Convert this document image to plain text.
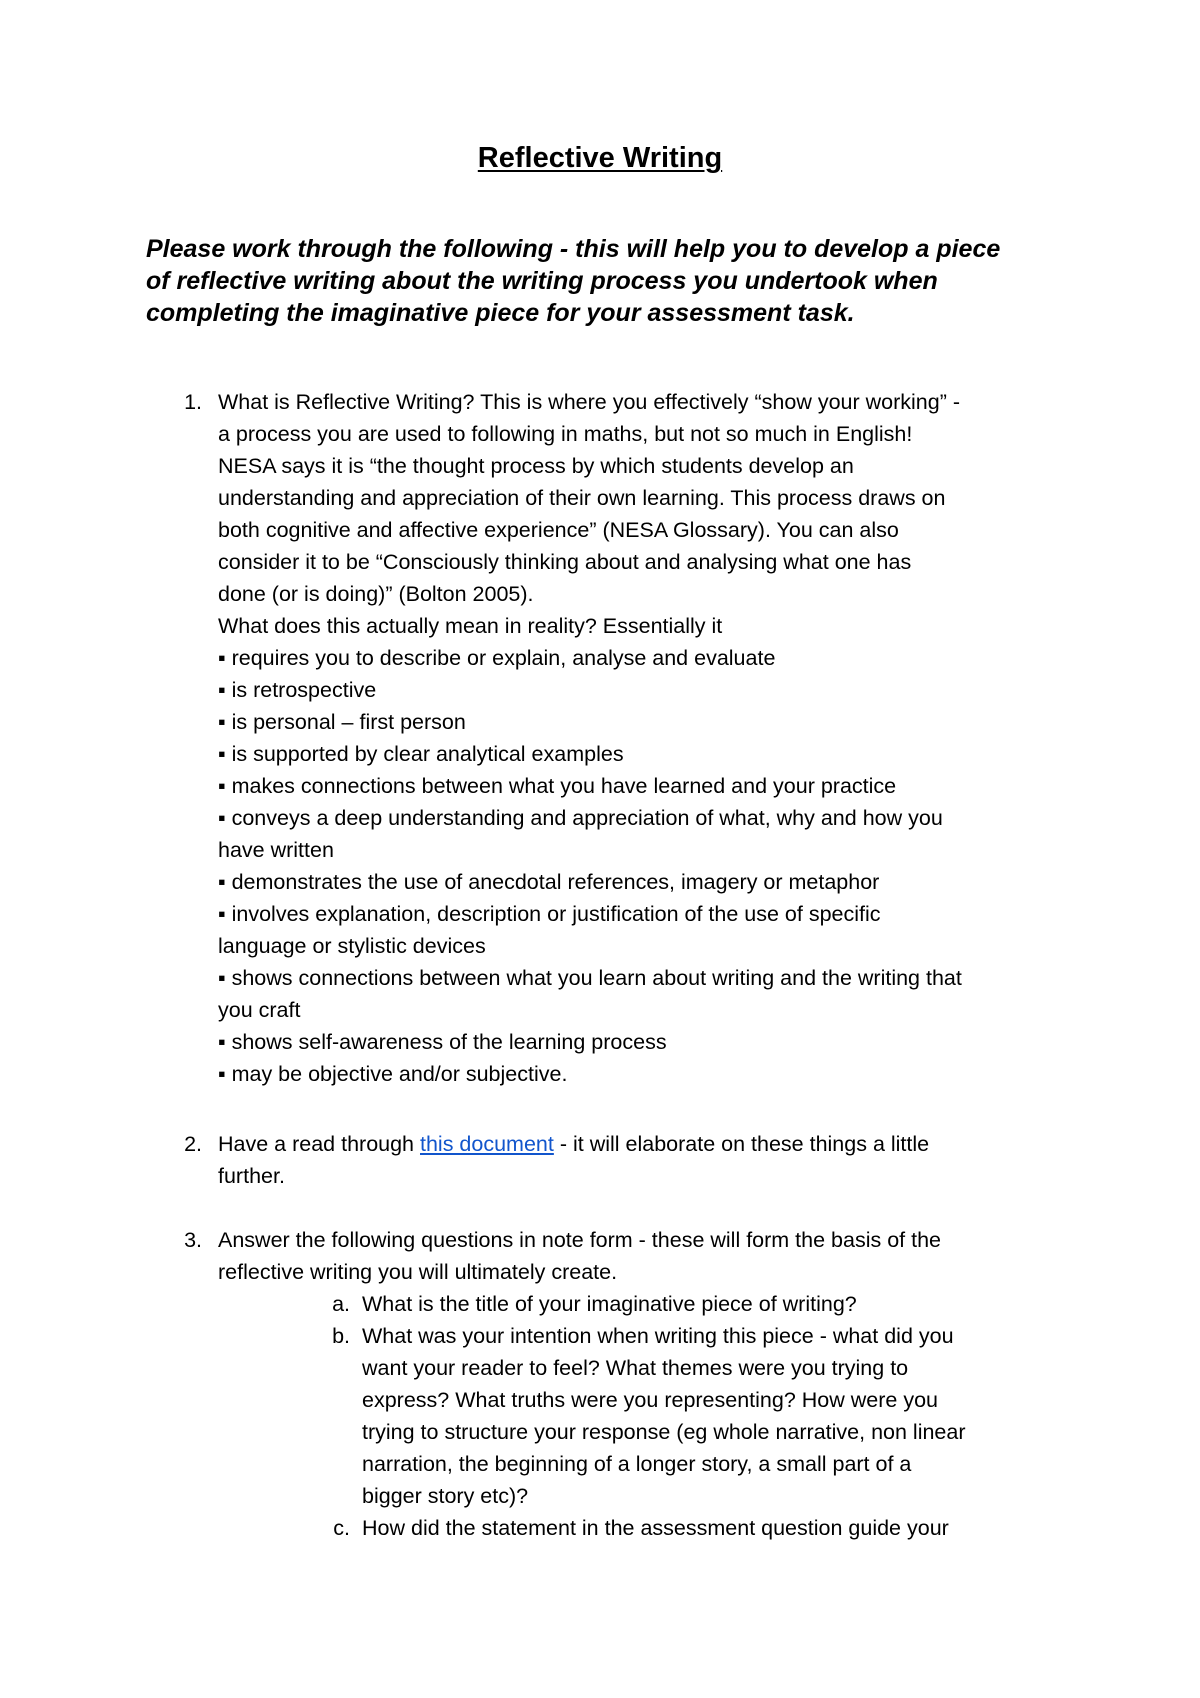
Reflective Writing
Please work through the following - this will help you to develop a piece
of reflective writing about the writing process you undertook when
completing the imaginative piece for your assessment task.
1. What is Reflective Writing? This is where you effectively “show your working” -
a process you are used to following in maths, but not so much in English!
NESA says it is “the thought process by which students develop an
understanding and appreciation of their own learning. This process draws on
both cognitive and affective experience” (NESA Glossary). You can also
consider it to be “Consciously thinking about and analysing what one has
done (or is doing)” (Bolton 2005).
What does this actually mean in reality? Essentially it
▪ requires you to describe or explain, analyse and evaluate
▪ is retrospective
▪ is personal – first person
▪ is supported by clear analytical examples
▪ makes connections between what you have learned and your practice
▪ conveys a deep understanding and appreciation of what, why and how you
have written
▪ demonstrates the use of anecdotal references, imagery or metaphor
▪ involves explanation, description or justification of the use of specific
language or stylistic devices
▪ shows connections between what you learn about writing and the writing that
you craft
▪ shows self-awareness of the learning process
▪ may be objective and/or subjective.
2. Have a read through this document - it will elaborate on these things a little
further.
3. Answer the following questions in note form - these will form the basis of the
reflective writing you will ultimately create.
a. What is the title of your imaginative piece of writing?
b. What was your intention when writing this piece - what did you
want your reader to feel? What themes were you trying to
express? What truths were you representing? How were you
trying to structure your response (eg whole narrative, non linear
narration, the beginning of a longer story, a small part of a
bigger story etc)?
c. How did the statement in the assessment question guide your
